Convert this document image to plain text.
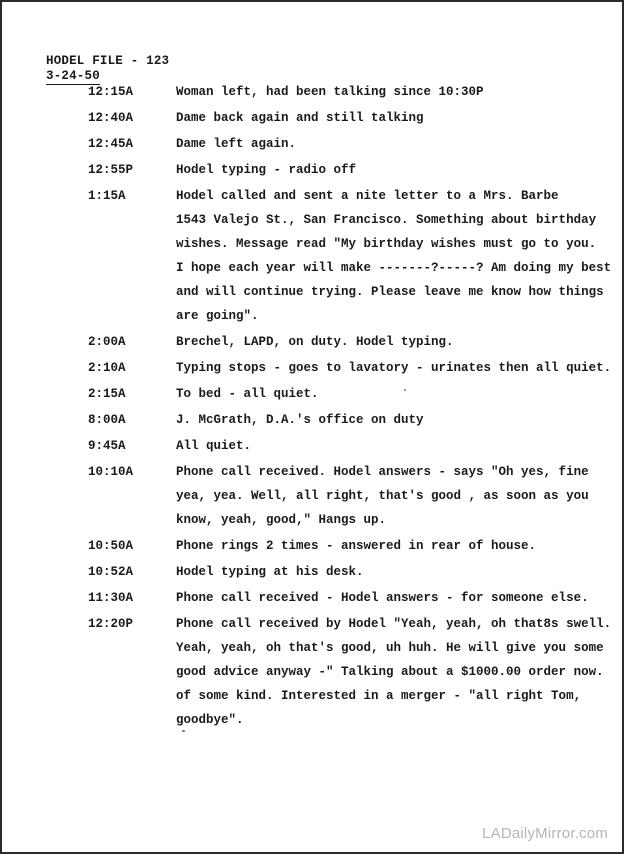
HODEL FILE - 123
3-24-50
12:15A	Woman left, had been talking since 10:30P
12:40A	Dame back again and still talking
12:45A	Dame left again.
12:55P	Hodel typing - radio off
1:15A	Hodel called and sent a nite letter to a Mrs. Barbe
1543 Valejo St., San Francisco. Something about birthday
wishes. Message read "My birthday wishes must go to you.
I hope each year will make -------?-----? Am doing my best
and will continue trying. Please leave me know how things
are going".
2:00A	Brechel, LAPD, on duty. Hodel typing.
2:10A	Typing stops - goes to lavatory - urinates then all quiet.
2:15A	To bed - all quiet.
8:00A	J. McGrath, D.A.'s office on duty
9:45A	All quiet.
10:10A	Phone call received. Hodel answers - says "Oh yes, fine
yea, yea. Well, all right, that's good , as soon as you
know, yeah, good," Hangs up.
10:50A	Phone rings 2 times - answered in rear of house.
10:52A	Hodel typing at his desk.
11:30A	Phone call received - Hodel answers - for someone else.
12:20P	Phone call received by Hodel "Yeah, yeah, oh that8s swell.
Yeah, yeah, oh that's good, uh huh. He will give you some
good advice anyway -" Talking about a $1000.00 order now.
of some kind. Interested in a merger - "all right Tom,
goodbye".
LADailyMirror.com
